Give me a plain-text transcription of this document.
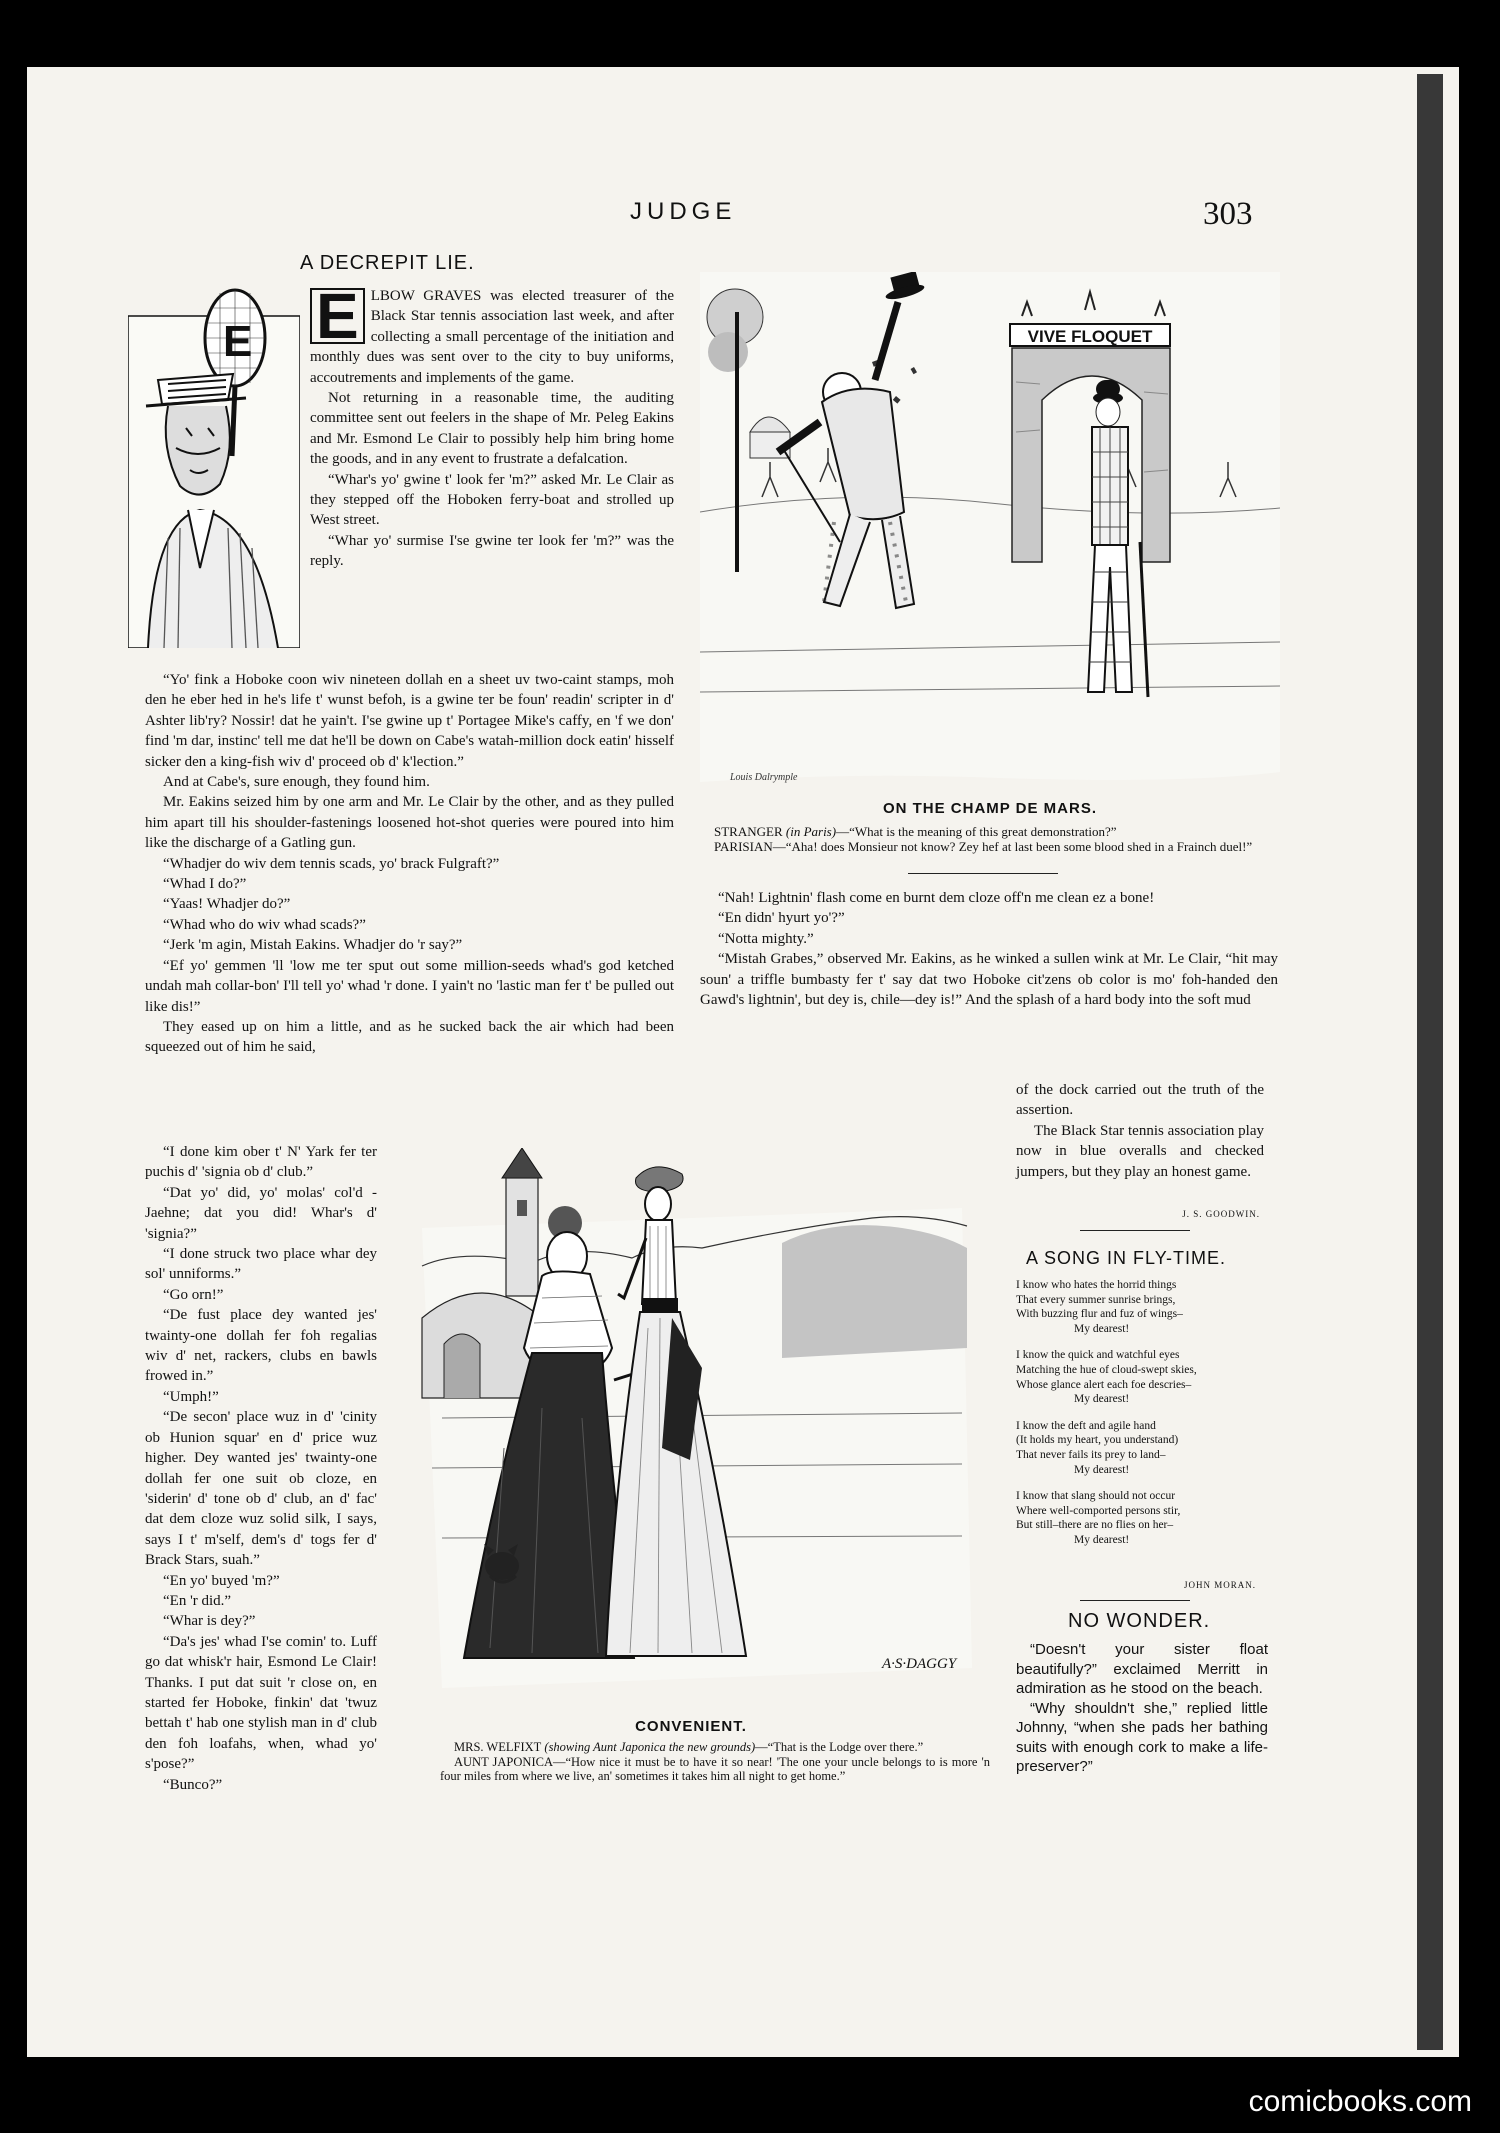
JUDGE	303
A DECREPIT LIE.
E E LBOW GRAVES was elected treasurer of the Black Star tennis association last week, and after collecting a small percentage of the initiation and monthly dues was sent over to the city to buy uniforms, accoutrements and implements of the game.

Not returning in a reasonable time, the auditing committee sent out feelers in the shape of Mr. Peleg Eakins and Mr. Esmond Le Clair to possibly help him bring home the goods, and in any event to frustrate a defalcation.

“Whar's yo' gwine t' look fer 'm?” asked Mr. Le Clair as they stepped off the Hoboken ferry-boat and strolled up West street.

“Whar yo' surmise I'se gwine ter look fer 'm?” was the reply.

“Yo' fink a Hoboke coon wiv nineteen dollah en a sheet uv two-caint stamps, moh den he eber hed in he's life t' wunst befoh, is a gwine ter be foun' readin' scripter in d' Ashter lib'ry? Nossir! dat he yain't. I'se gwine up t' Portagee Mike's caffy, en 'f we don' find 'm dar, instinc' tell me dat he'll be down on Cabe's watah-million dock eatin' hisself sicker den a king-fish wiv d' proceed ob d' k'lection.”

And at Cabe's, sure enough, they found him.

Mr. Eakins seized him by one arm and Mr. Le Clair by the other, and as they pulled him apart till his shoulder-fastenings loosened hot-shot queries were poured into him like the discharge of a Gatling gun.

“Whadjer do wiv dem tennis scads, yo' brack Fulgraft?”

“Whad I do?”

“Yaas! Whadjer do?”

“Whad who do wiv whad scads?”

“Jerk 'm agin, Mistah Eakins. Whadjer do 'r say?”

“Ef yo' gemmen 'll 'low me ter sput out some million-seeds whad's god ketched undah mah collar-bon' I'll tell yo' whad 'r done. I yain't no 'lastic man fer t' be pulled out like dis!”

They eased up on him a little, and as he sucked back the air which had been squeezed out of him he said,

“I done kim ober t' N' Yark fer ter puchis d' 'signia ob d' club.”

“Dat yo' did, yo' molas' col'd -Jaehne; dat you did! Whar's d' 'signia?”

“I done struck two place whar dey sol' unniforms.”

“Go orn!”

“De fust place dey wanted jes' twainty-one dollah fer foh regalias wiv d' net, rackers, clubs en bawls frowed in.”

“Umph!”

“De secon' place wuz in d' 'cinity ob Hunion squar' en d' price wuz higher. Dey wanted jes' twainty-one dollah fer one suit ob cloze, en 'siderin' d' tone ob d' club, an d' fac' dat dem cloze wuz solid silk, I says, says I t' m'self, dem's d' togs fer d' Brack Stars, suah.”

“En yo' buyed 'm?”

“En 'r did.”

“Whar is dey?”

“Da's jes' whad I'se comin' to. Luff go dat whisk'r hair, Esmond Le Clair! Thanks. I put dat suit 'r close on, en started fer Hoboke, finkin' dat 'twuz bettah t' hab one stylish man in d' club den foh loafahs, when, whad yo' s'pose?”

“Bunco?”

VIVE FLOQUET
Louis Dalrymple
ON THE CHAMP DE MARS.
STRANGER (in Paris)—“What is the meaning of this great demonstration?”
PARISIAN—“Aha! does Monsieur not know? Zey hef at last been some blood shed in a Frainch duel!”

“Nah! Lightnin' flash come en burnt dem cloze off'n me clean ez a bone!

“En didn' hyurt yo'?”

“Notta mighty.”

“Mistah Grabes,” observed Mr. Eakins, as he winked a sullen wink at Mr. Le Clair, “hit may soun' a triffle bumbasty fer t' say dat two Hoboke cit'zens ob color is mo' foh-handed den Gawd's lightnin', but dey is, chile—dey is!” And the splash of a hard body into the soft mud

of the dock carried out the truth of the assertion.

The Black Star tennis association play now in blue overalls and checked jumpers, but they play an honest game.

J. S. GOODWIN.
A SONG IN FLY-TIME.
I know who hates the horrid things
That every summer sunrise brings,
With buzzing flur and fuz of wings–
My dearest!
I know the quick and watchful eyes
Matching the hue of cloud-swept skies,
Whose glance alert each foe descries–
My dearest!
I know the deft and agile hand
(It holds my heart, you understand)
That never fails its prey to land–
My dearest!
I know that slang should not occur
Where well-comported persons stir,
But still–there are no flies on her–
My dearest!
JOHN MORAN.
NO WONDER.

“Doesn't your sister float beautifully?” exclaimed Merritt in admiration as he stood on the beach.

“Why shouldn't she,” replied little Johnny, “when she pads her bathing suits with enough cork to make a life-preserver?”

A·S·DAGGY
CONVENIENT.
MRS. WELFIXT (showing Aunt Japonica the new grounds)—“That is the Lodge over there.”
AUNT JAPONICA—“How nice it must be to have it so near! 'The one your uncle belongs to is more 'n four miles from where we live, an' sometimes it takes him all night to get home.”
comicbooks.com
